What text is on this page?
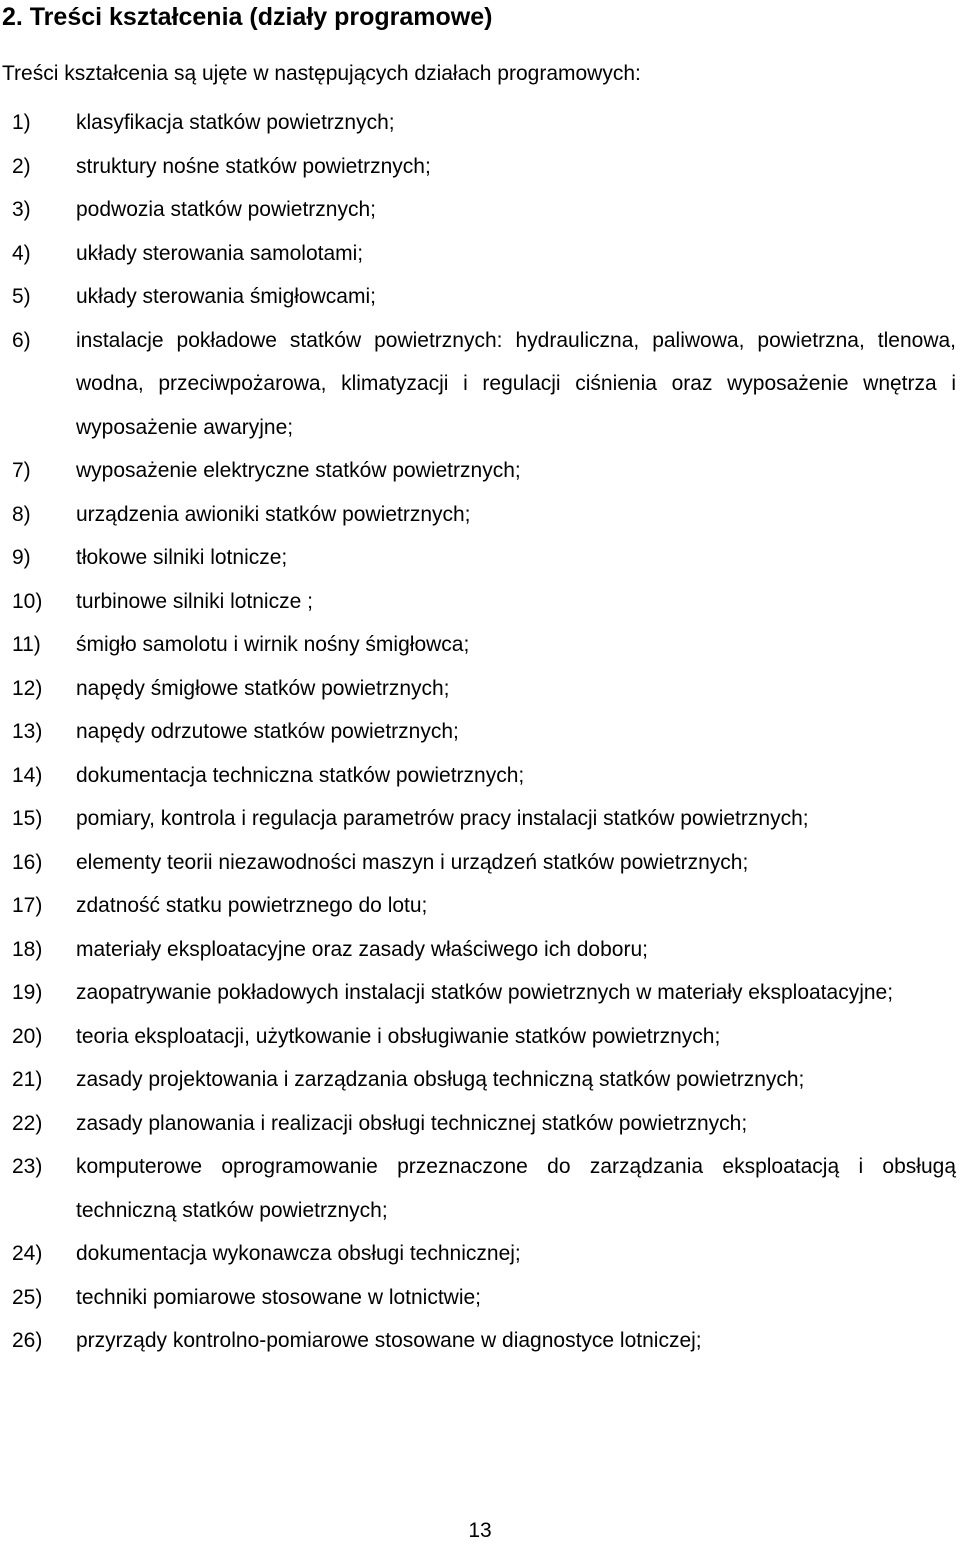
2. Treści kształcenia (działy programowe)

Treści kształcenia są ujęte w następujących działach programowych:

1)	klasyfikacja statków powietrznych;
2)	struktury nośne statków powietrznych;
3)	podwozia statków powietrznych;
4)	układy sterowania samolotami;
5)	układy sterowania śmigłowcami;
6)	instalacje pokładowe statków powietrznych: hydrauliczna, paliwowa, powietrzna, tlenowa, wodna, przeciwpożarowa, klimatyzacji i regulacji ciśnienia oraz wyposażenie wnętrza i wyposażenie awaryjne;
7)	wyposażenie elektryczne statków powietrznych;
8)	urządzenia awioniki statków powietrznych;
9)	tłokowe silniki lotnicze;
10)	turbinowe silniki lotnicze ;
11)	śmigło samolotu i wirnik nośny śmigłowca;
12)	napędy śmigłowe statków powietrznych;
13)	napędy odrzutowe statków powietrznych;
14)	dokumentacja techniczna statków powietrznych;
15)	pomiary, kontrola i regulacja parametrów pracy instalacji statków powietrznych;
16)	elementy teorii niezawodności maszyn i urządzeń statków powietrznych;
17)	zdatność statku powietrznego do lotu;
18)	materiały eksploatacyjne oraz zasady właściwego ich doboru;
19)	zaopatrywanie pokładowych instalacji statków powietrznych w materiały eksploatacyjne;
20)	teoria eksploatacji, użytkowanie i obsługiwanie statków powietrznych;
21)	zasady projektowania i zarządzania obsługą techniczną statków powietrznych;
22)	zasady planowania i realizacji obsługi technicznej statków powietrznych;
23)	komputerowe oprogramowanie przeznaczone do zarządzania eksploatacją i obsługą techniczną statków powietrznych;
24)	dokumentacja wykonawcza obsługi technicznej;
25)	techniki pomiarowe stosowane w lotnictwie;
26)	przyrządy kontrolno-pomiarowe stosowane w diagnostyce lotniczej;

13
